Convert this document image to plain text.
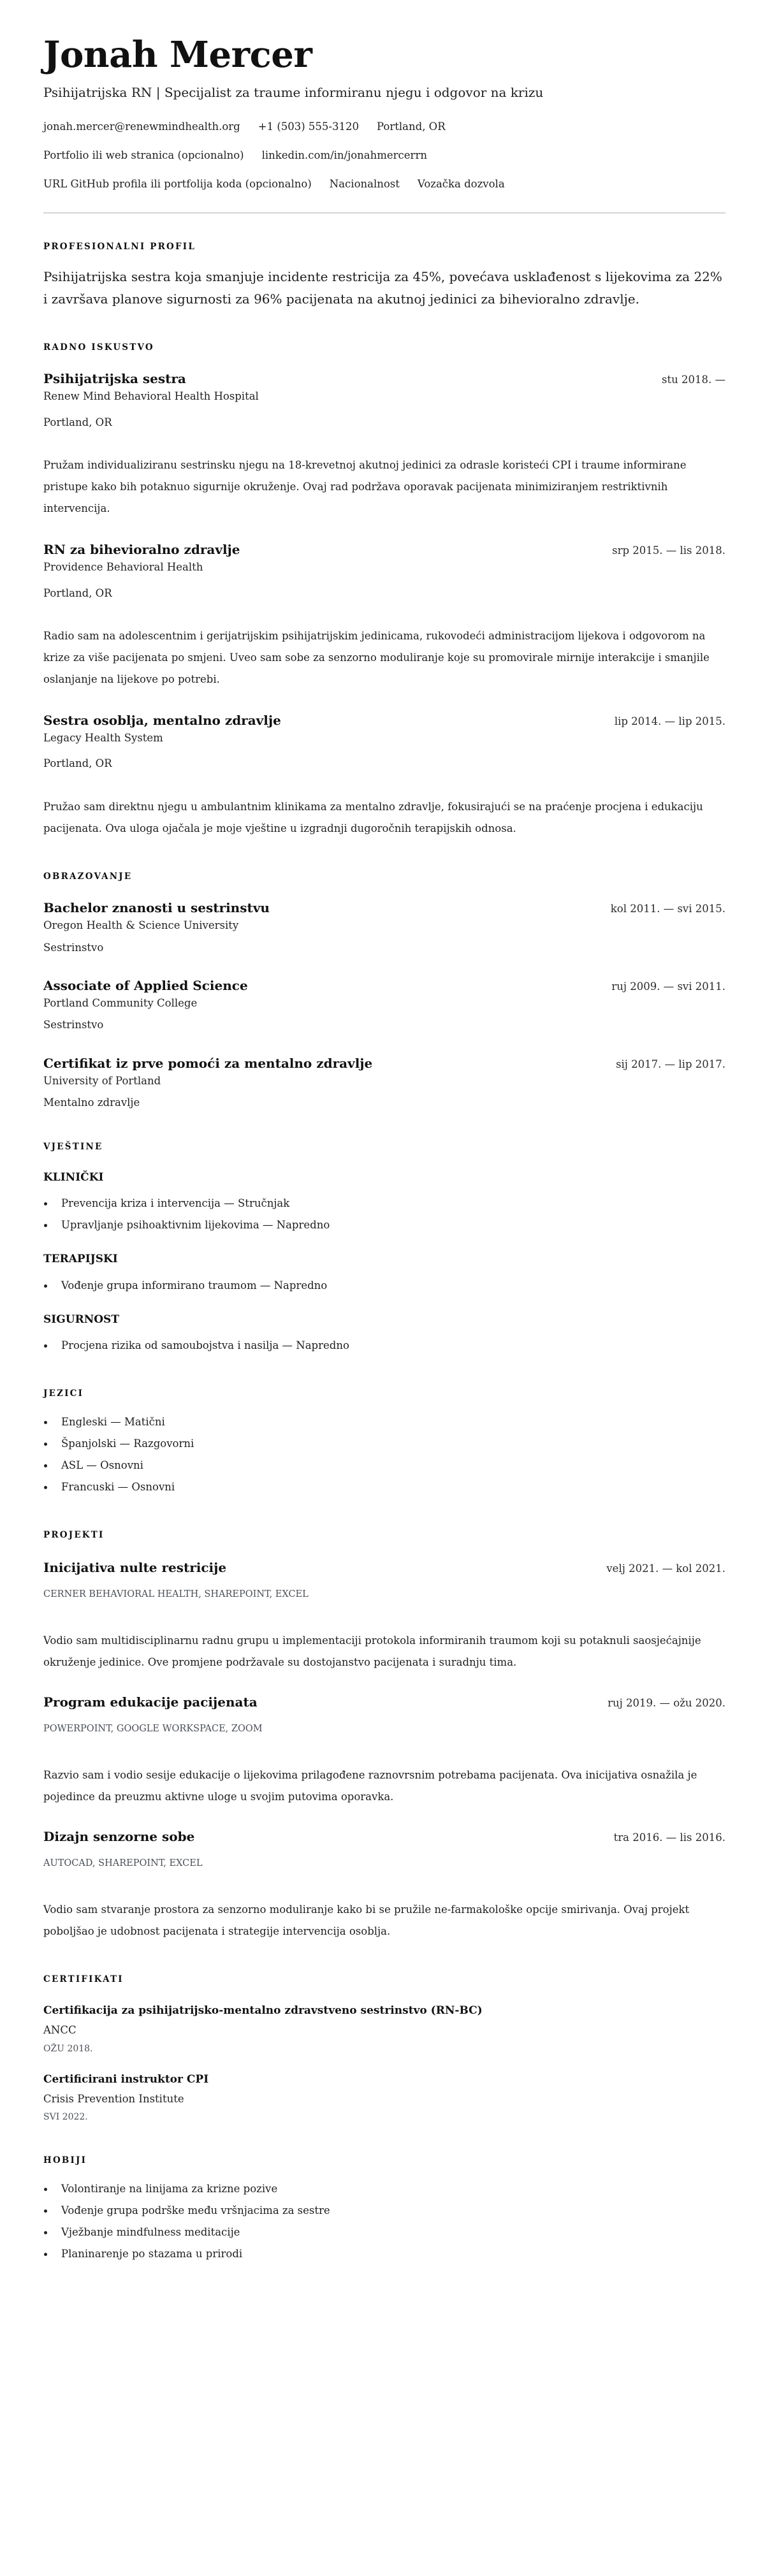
Jonah Mercer
Psihijatrijska RN | Specijalist za traume informiranu njegu i odgovor na krizu
jonah.mercer@renewmindhealth.org +1 (503) 555-3120 Portland, OR
Portfolio ili web stranica (opcionalno) linkedin.com/in/jonahmercerrn
URL GitHub profila ili portfolija koda (opcionalno) Nacionalnost Vozačka dozvola
PROFESIONALNI PROFIL

Psihijatrijska sestra koja smanjuje incidente restricija za 45%, povećava usklađenost s lijekovima za 22% i završava planove sigurnosti za 96% pacijenata na akutnoj jedinici za bihevioralno zdravlje.

RADNO ISKUSTVO
Psihijatrijska sestra	stu 2018. —
Renew Mind Behavioral Health Hospital
Portland, OR

Pružam individualiziranu sestrinsku njegu na 18-krevetnoj akutnoj jedinici za odrasle koristeći CPI i traume informirane pristupe kako bih potaknuo sigurnije okruženje. Ovaj rad podržava oporavak pacijenata minimiziranjem restriktivnih intervencija.

RN za bihevioralno zdravlje	srp 2015. — lis 2018.
Providence Behavioral Health
Portland, OR

Radio sam na adolescentnim i gerijatrijskim psihijatrijskim jedinicama, rukovodeći administracijom lijekova i odgovorom na krize za više pacijenata po smjeni. Uveo sam sobe za senzorno moduliranje koje su promovirale mirnije interakcije i smanjile oslanjanje na lijekove po potrebi.

Sestra osoblja, mentalno zdravlje	lip 2014. — lip 2015.
Legacy Health System
Portland, OR

Pružao sam direktnu njegu u ambulantnim klinikama za mentalno zdravlje, fokusirajući se na praćenje procjena i edukaciju pacijenata. Ova uloga ojačala je moje vještine u izgradnji dugoročnih terapijskih odnosa.

OBRAZOVANJE
Bachelor znanosti u sestrinstvu	kol 2011. — svi 2015.
Oregon Health & Science University
Sestrinstvo
Associate of Applied Science	ruj 2009. — svi 2011.
Portland Community College
Sestrinstvo
Certifikat iz prve pomoći za mentalno zdravlje	sij 2017. — lip 2017.
University of Portland
Mentalno zdravlje
VJEŠTINE
KLINIČKI
Prevencija kriza i intervencija — Stručnjak
Upravljanje psihoaktivnim lijekovima — Napredno
TERAPIJSKI
Vođenje grupa informirano traumom — Napredno
SIGURNOST
Procjena rizika od samoubojstva i nasilja — Napredno
JEZICI
Engleski — Matični
Španjolski — Razgovorni
ASL — Osnovni
Francuski — Osnovni
PROJEKTI
Inicijativa nulte restricije	velj 2021. — kol 2021.
CERNER BEHAVIORAL HEALTH, SHAREPOINT, EXCEL

Vodio sam multidisciplinarnu radnu grupu u implementaciji protokola informiranih traumom koji su potaknuli saosjećajnije okruženje jedinice. Ove promjene podržavale su dostojanstvo pacijenata i suradnju tima.

Program edukacije pacijenata	ruj 2019. — ožu 2020.
POWERPOINT, GOOGLE WORKSPACE, ZOOM

Razvio sam i vodio sesije edukacije o lijekovima prilagođene raznovrsnim potrebama pacijenata. Ova inicijativa osnažila je pojedince da preuzmu aktivne uloge u svojim putovima oporavka.

Dizajn senzorne sobe	tra 2016. — lis 2016.
AUTOCAD, SHAREPOINT, EXCEL

Vodio sam stvaranje prostora za senzorno moduliranje kako bi se pružile ne-farmakološke opcije smirivanja. Ovaj projekt poboljšao je udobnost pacijenata i strategije intervencija osoblja.

CERTIFIKATI
Certifikacija za psihijatrijsko-mentalno zdravstveno sestrinstvo (RN-BC)
ANCC
OŽU 2018.
Certificirani instruktor CPI
Crisis Prevention Institute
SVI 2022.
HOBIJI
Volontiranje na linijama za krizne pozive
Vođenje grupa podrške među vršnjacima za sestre
Vježbanje mindfulness meditacije
Planinarenje po stazama u prirodi
